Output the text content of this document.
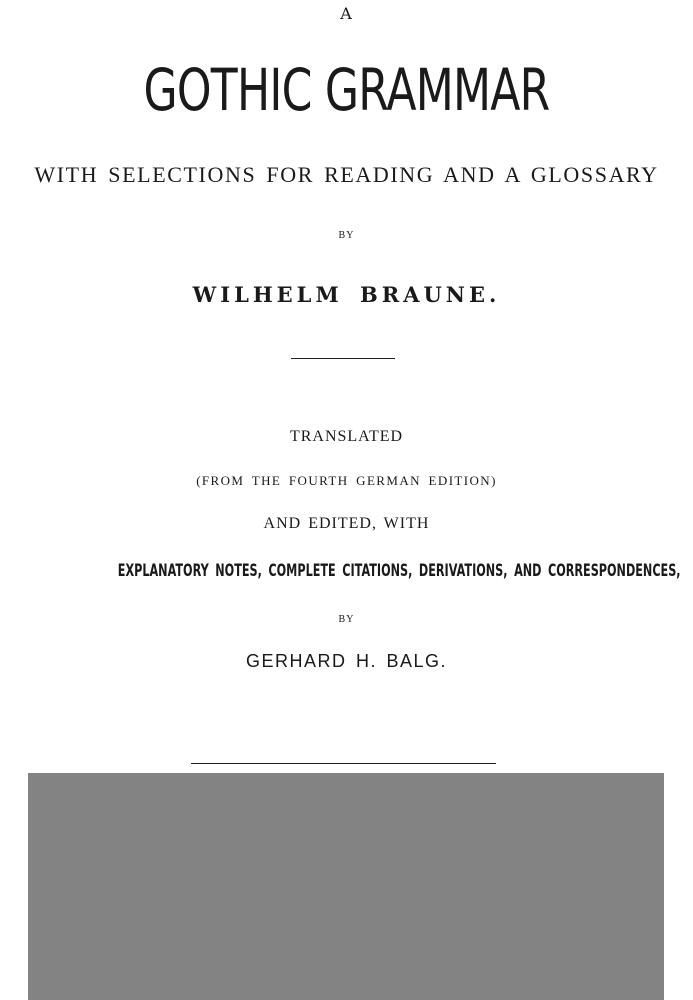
A
GOTHIC GRAMMAR
WITH SELECTIONS FOR READING AND A GLOSSARY
BY
WILHELM BRAUNE.
TRANSLATED
(FROM THE FOURTH GERMAN EDITION)
AND EDITED, WITH
EXPLANATORY NOTES, COMPLETE CITATIONS, DERIVATIONS, AND CORRESPONDENCES,
BY
GERHARD H. BALG.
